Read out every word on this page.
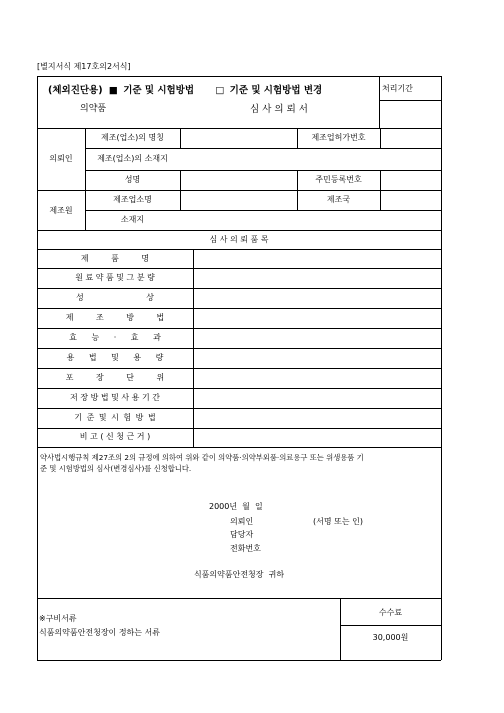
[별지서식 제17호의2서식]
(체외진단용) ■ 기준 및 시험방법 □ 기준 및 시험방법 변경
의약품	심 사 의 뢰 서
처리기간
의뢰인
제조(업소)의 명칭	제조업허가번호
제조(업소)의 소재지
성명	주민등록번호
제조원
제조업소명	제조국
소재지
심 사 의 뢰 품 목
제 품 명
원 료 약 품 및 그 분 량
성 상
제 조 방 법
효 능 · 효 과
용 법 및 용 량
포 장 단 위
저 장 방 법 및 사 용 기 간
기 준 및 시 험 방 법
비 고 ( 신 청 근 거 )
약사법시행규칙 제27조의 2의 규정에 의하여 위와 같이 의약품·의약부외품·의료용구 또는 위생용품 기
준 및 시험방법의 심사(변경심사)를 신청합니다.
2000년  월  일
의뢰인	(서명 또는 인)
담당자
전화번호
식품의약품안전청장  귀하
※구비서류
식품의약품안전청장이 정하는 서류
수수료
30,000원
